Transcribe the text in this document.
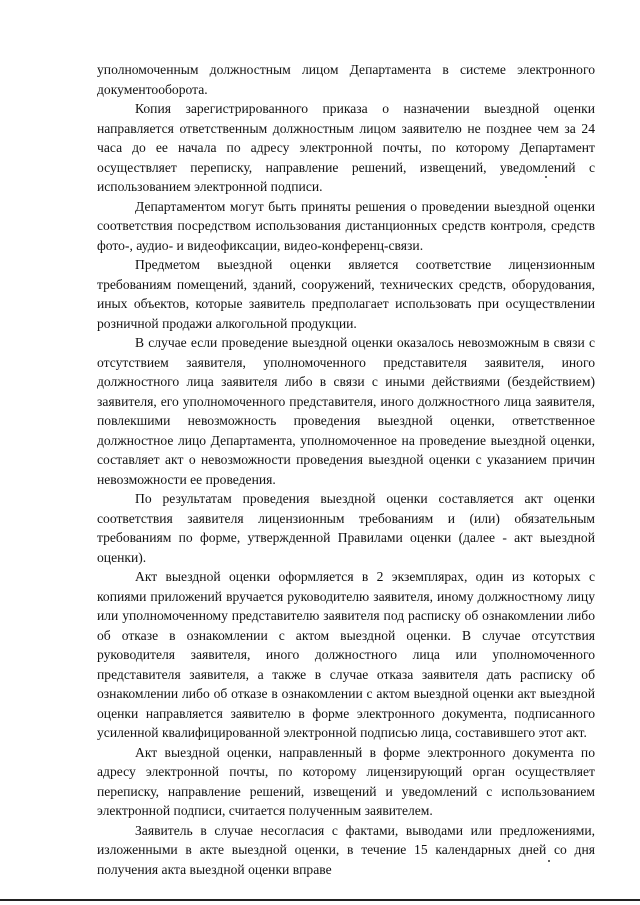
уполномоченным должностным лицом Департамента в системе электронного документооборота.

Копия зарегистрированного приказа о назначении выездной оценки направляется ответственным должностным лицом заявителю не позднее чем за 24 часа до ее начала по адресу электронной почты, по которому Департамент осуществляет переписку, направление решений, извещений, уведомлений с использованием электронной подписи.

Департаментом могут быть приняты решения о проведении выездной оценки соответствия посредством использования дистанционных средств контроля, средств фото-, аудио- и видеофиксации, видео-конференц-связи.

Предметом выездной оценки является соответствие лицензионным требованиям помещений, зданий, сооружений, технических средств, оборудования, иных объектов, которые заявитель предполагает использовать при осуществлении розничной продажи алкогольной продукции.

В случае если проведение выездной оценки оказалось невозможным в связи с отсутствием заявителя, уполномоченного представителя заявителя, иного должностного лица заявителя либо в связи с иными действиями (бездействием) заявителя, его уполномоченного представителя, иного должностного лица заявителя, повлекшими невозможность проведения выездной оценки, ответственное должностное лицо Департамента, уполномоченное на проведение выездной оценки, составляет акт о невозможности проведения выездной оценки с указанием причин невозможности ее проведения.

По результатам проведения выездной оценки составляется акт оценки соответствия заявителя лицензионным требованиям и (или) обязательным требованиям по форме, утвержденной Правилами оценки (далее - акт выездной оценки).

Акт выездной оценки оформляется в 2 экземплярах, один из которых с копиями приложений вручается руководителю заявителя, иному должностному лицу или уполномоченному представителю заявителя под расписку об ознакомлении либо об отказе в ознакомлении с актом выездной оценки. В случае отсутствия руководителя заявителя, иного должностного лица или уполномоченного представителя заявителя, а также в случае отказа заявителя дать расписку об ознакомлении либо об отказе в ознакомлении с актом выездной оценки акт выездной оценки направляется заявителю в форме электронного документа, подписанного усиленной квалифицированной электронной подписью лица, составившего этот акт.

Акт выездной оценки, направленный в форме электронного документа по адресу электронной почты, по которому лицензирующий орган осуществляет переписку, направление решений, извещений и уведомлений с использованием электронной подписи, считается полученным заявителем.

Заявитель в случае несогласия с фактами, выводами или предложениями, изложенными в акте выездной оценки, в течение 15 календарных дней со дня получения акта выездной оценки вправе
